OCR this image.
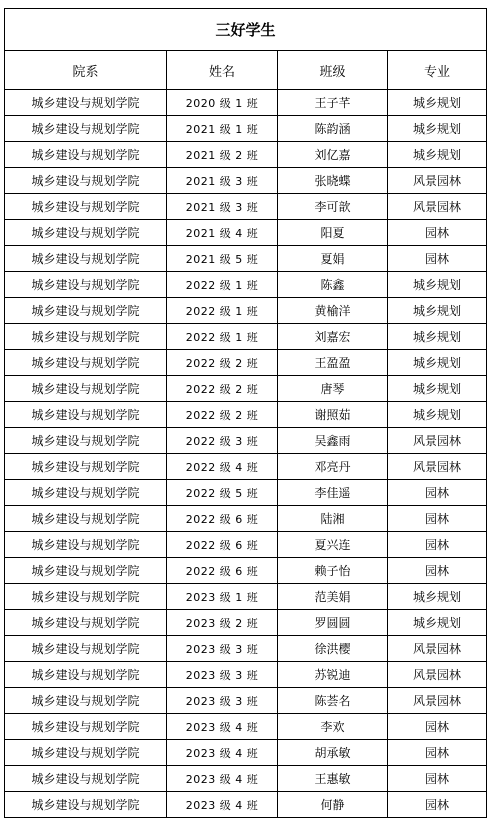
三好学生			
院系	姓名	班级	专业
城乡建设与规划学院	2020 级 1 班	王子芊	城乡规划
城乡建设与规划学院	2021 级 1 班	陈韵涵	城乡规划
城乡建设与规划学院	2021 级 2 班	刘亿嘉	城乡规划
城乡建设与规划学院	2021 级 3 班	张晓蝶	风景园林
城乡建设与规划学院	2021 级 3 班	李可歆	风景园林
城乡建设与规划学院	2021 级 4 班	阳夏	园林
城乡建设与规划学院	2021 级 5 班	夏娟	园林
城乡建设与规划学院	2022 级 1 班	陈鑫	城乡规划
城乡建设与规划学院	2022 级 1 班	黄榆洋	城乡规划
城乡建设与规划学院	2022 级 1 班	刘嘉宏	城乡规划
城乡建设与规划学院	2022 级 2 班	王盈盈	城乡规划
城乡建设与规划学院	2022 级 2 班	唐琴	城乡规划
城乡建设与规划学院	2022 级 2 班	谢照茹	城乡规划
城乡建设与规划学院	2022 级 3 班	吴鑫雨	风景园林
城乡建设与规划学院	2022 级 4 班	邓亮丹	风景园林
城乡建设与规划学院	2022 级 5 班	李佳遥	园林
城乡建设与规划学院	2022 级 6 班	陆湘	园林
城乡建设与规划学院	2022 级 6 班	夏兴连	园林
城乡建设与规划学院	2022 级 6 班	赖子怡	园林
城乡建设与规划学院	2023 级 1 班	范美娟	城乡规划
城乡建设与规划学院	2023 级 2 班	罗圆圆	城乡规划
城乡建设与规划学院	2023 级 3 班	徐洪樱	风景园林
城乡建设与规划学院	2023 级 3 班	苏锐迪	风景园林
城乡建设与规划学院	2023 级 3 班	陈荟名	风景园林
城乡建设与规划学院	2023 级 4 班	李欢	园林
城乡建设与规划学院	2023 级 4 班	胡承敏	园林
城乡建设与规划学院	2023 级 4 班	王惠敏	园林
城乡建设与规划学院	2023 级 4 班	何静	园林
